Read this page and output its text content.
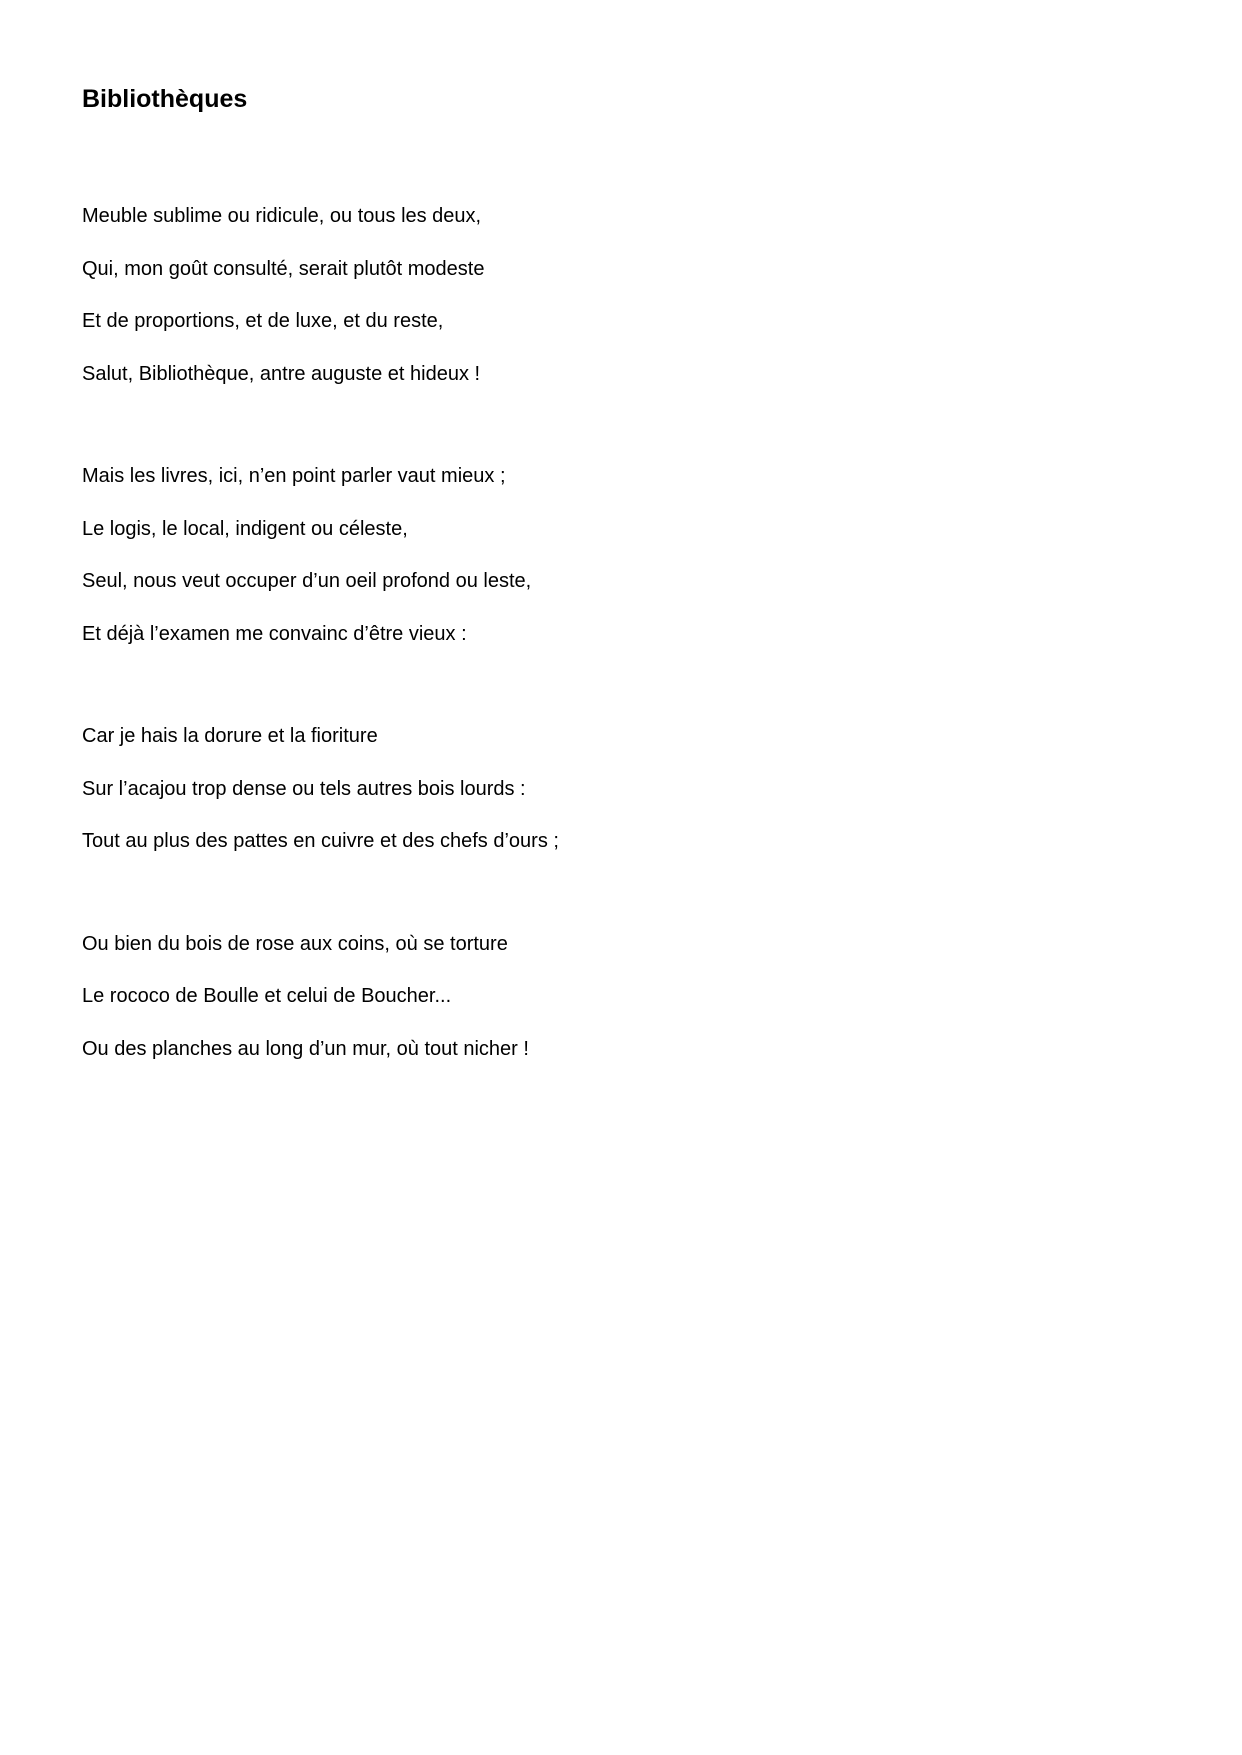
Bibliothèques
Meuble sublime ou ridicule, ou tous les deux,
Qui, mon goût consulté, serait plutôt modeste
Et de proportions, et de luxe, et du reste,
Salut, Bibliothèque, antre auguste et hideux !
Mais les livres, ici, n’en point parler vaut mieux ;
Le logis, le local, indigent ou céleste,
Seul, nous veut occuper d’un oeil profond ou leste,
Et déjà l’examen me convainc d’être vieux :
Car je hais la dorure et la fioriture
Sur l’acajou trop dense ou tels autres bois lourds :
Tout au plus des pattes en cuivre et des chefs d’ours ;
Ou bien du bois de rose aux coins, où se torture
Le rococo de Boulle et celui de Boucher...
Ou des planches au long d’un mur, où tout nicher !
